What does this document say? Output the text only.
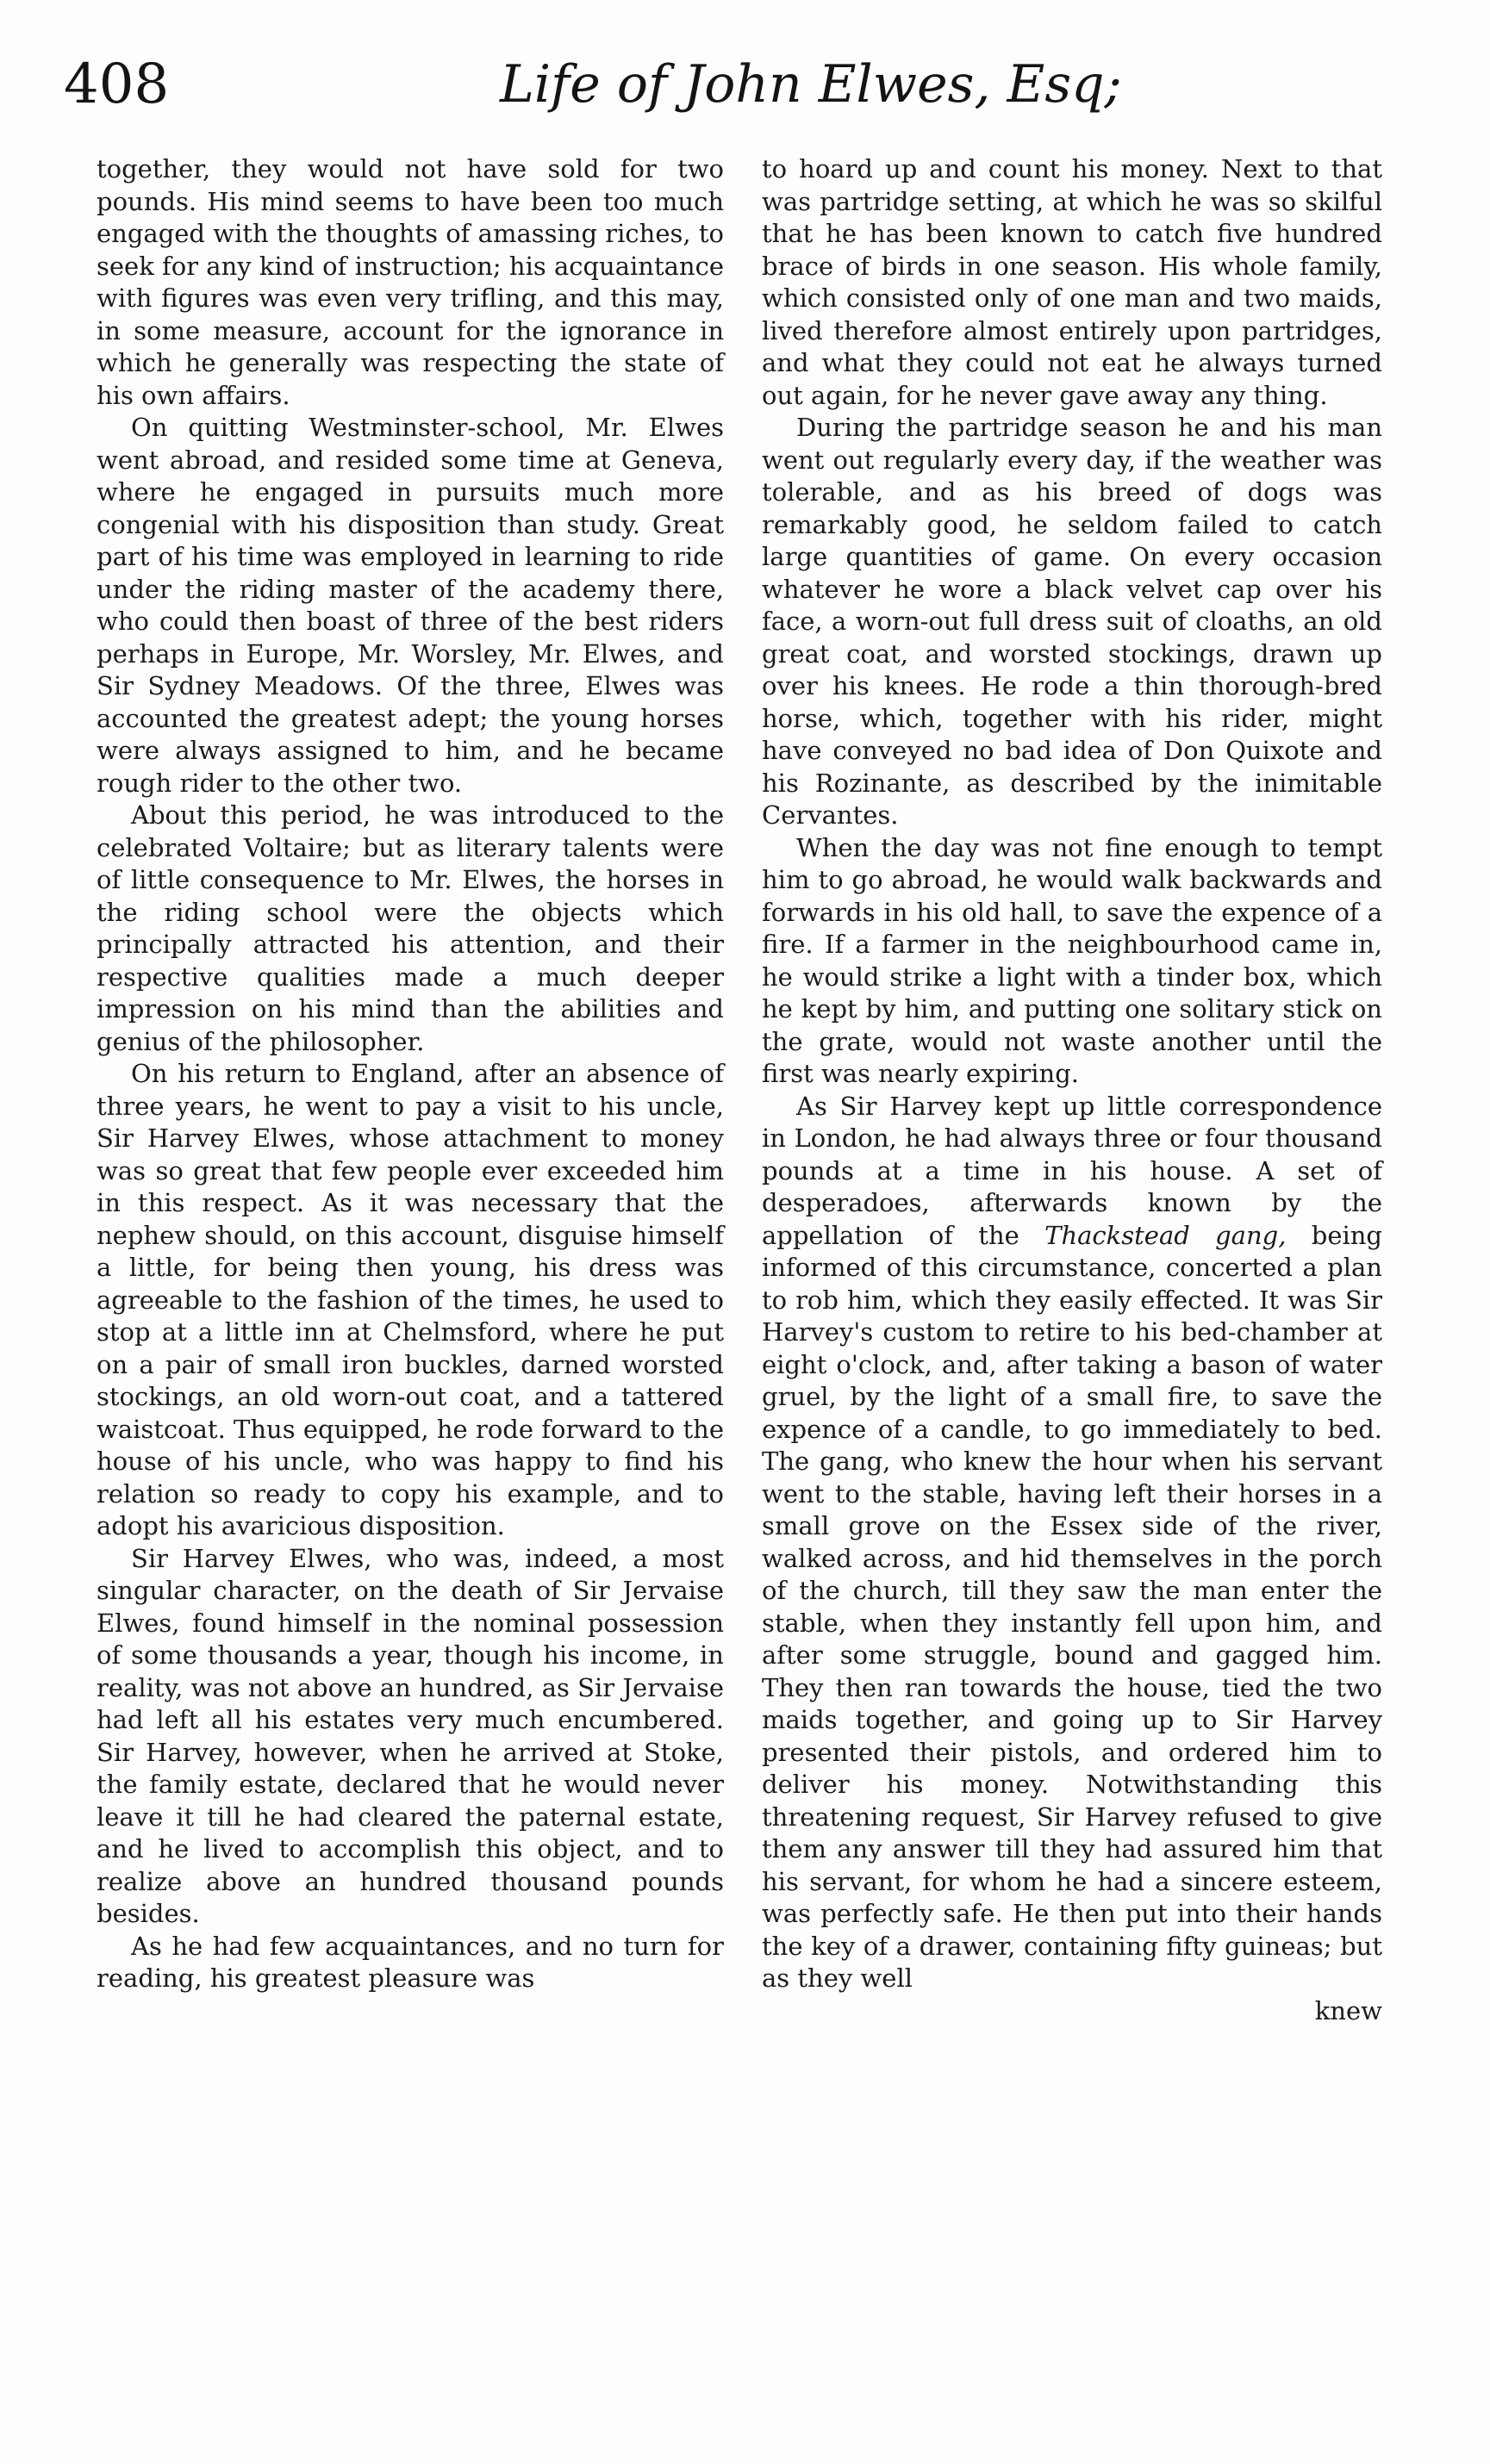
408	Life of John Elwes, Esq;

together, they would not have sold for two pounds. His mind seems to have been too much engaged with the thoughts of amassing riches, to seek for any kind of instruction; his acquaintance with figures was even very trifling, and this may, in some measure, account for the ignorance in which he generally was respecting the state of his own affairs.

On quitting Westminster-school, Mr. Elwes went abroad, and resided some time at Geneva, where he engaged in pursuits much more congenial with his disposition than study. Great part of his time was employed in learning to ride under the riding master of the academy there, who could then boast of three of the best riders perhaps in Europe, Mr. Worsley, Mr. Elwes, and Sir Sydney Meadows. Of the three, Elwes was accounted the greatest adept; the young horses were always assigned to him, and he became rough rider to the other two.

About this period, he was introduced to the celebrated Voltaire; but as literary talents were of little consequence to Mr. Elwes, the horses in the riding school were the objects which principally attracted his attention, and their respective qualities made a much deeper impression on his mind than the abilities and genius of the philosopher.

On his return to England, after an absence of three years, he went to pay a visit to his uncle, Sir Harvey Elwes, whose attachment to money was so great that few people ever exceeded him in this respect. As it was necessary that the nephew should, on this account, disguise himself a little, for being then young, his dress was agreeable to the fashion of the times, he used to stop at a little inn at Chelmsford, where he put on a pair of small iron buckles, darned worsted stockings, an old worn-out coat, and a tattered waistcoat. Thus equipped, he rode forward to the house of his uncle, who was happy to find his relation so ready to copy his example, and to adopt his avaricious disposition.

Sir Harvey Elwes, who was, indeed, a most singular character, on the death of Sir Jervaise Elwes, found himself in the nominal possession of some thousands a year, though his income, in reality, was not above an hundred, as Sir Jervaise had left all his estates very much encumbered. Sir Harvey, however, when he arrived at Stoke, the family estate, declared that he would never leave it till he had cleared the paternal estate, and he lived to accomplish this object, and to realize above an hundred thousand pounds besides.

As he had few acquaintances, and no turn for reading, his greatest pleasure was

to hoard up and count his money. Next to that was partridge setting, at which he was so skilful that he has been known to catch five hundred brace of birds in one season. His whole family, which consisted only of one man and two maids, lived therefore almost entirely upon partridges, and what they could not eat he always turned out again, for he never gave away any thing.

During the partridge season he and his man went out regularly every day, if the weather was tolerable, and as his breed of dogs was remarkably good, he seldom failed to catch large quantities of game. On every occasion whatever he wore a black velvet cap over his face, a worn-out full dress suit of cloaths, an old great coat, and worsted stockings, drawn up over his knees. He rode a thin thorough-bred horse, which, together with his rider, might have conveyed no bad idea of Don Quixote and his Rozinante, as described by the inimitable Cervantes.

When the day was not fine enough to tempt him to go abroad, he would walk backwards and forwards in his old hall, to save the expence of a fire. If a farmer in the neighbourhood came in, he would strike a light with a tinder box, which he kept by him, and putting one solitary stick on the grate, would not waste another until the first was nearly expiring.

As Sir Harvey kept up little correspondence in London, he had always three or four thousand pounds at a time in his house. A set of desperadoes, afterwards known by the appellation of the Thackstead gang, being informed of this circumstance, concerted a plan to rob him, which they easily effected. It was Sir Harvey's custom to retire to his bed-chamber at eight o'clock, and, after taking a bason of water gruel, by the light of a small fire, to save the expence of a candle, to go immediately to bed. The gang, who knew the hour when his servant went to the stable, having left their horses in a small grove on the Essex side of the river, walked across, and hid themselves in the porch of the church, till they saw the man enter the stable, when they instantly fell upon him, and after some struggle, bound and gagged him. They then ran towards the house, tied the two maids together, and going up to Sir Harvey presented their pistols, and ordered him to deliver his money. Notwithstanding this threatening request, Sir Harvey refused to give them any answer till they had assured him that his servant, for whom he had a sincere esteem, was perfectly safe. He then put into their hands the key of a drawer, containing fifty guineas; but as they well

knew
